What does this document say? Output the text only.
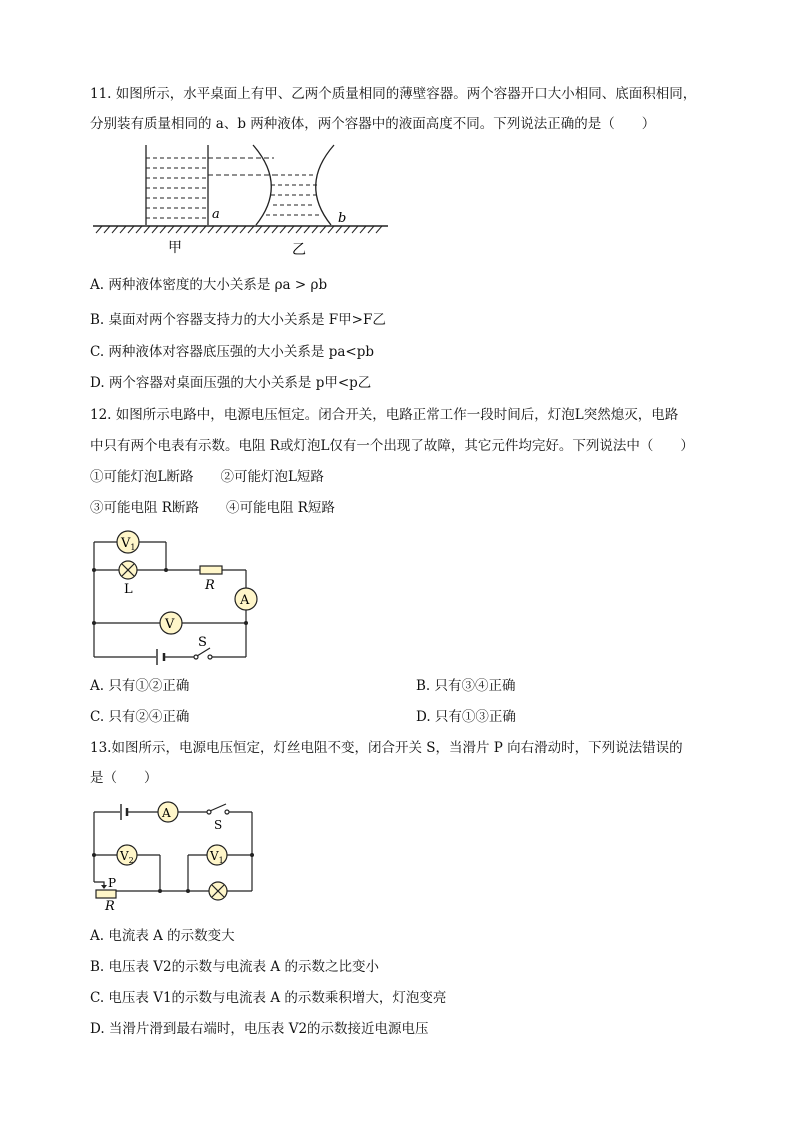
11. 如图所示，水平桌面上有甲、乙两个质量相同的薄壁容器。两个容器开口大小相同、底面积相同，
分别装有质量相同的 a、b 两种液体，两个容器中的液面高度不同。下列说法正确的是（　　）
a	b
甲	乙
A. 两种液体密度的大小关系是 ρa > ρb
B. 桌面对两个容器支持力的大小关系是 F甲>F乙
C. 两种液体对容器底压强的大小关系是 pa<pb
D. 两个容器对桌面压强的大小关系是 p甲<p乙
12. 如图所示电路中，电源电压恒定。闭合开关，电路正常工作一段时间后，灯泡L突然熄灭，电路
中只有两个电表有示数。电阻 R或灯泡L仅有一个出现了故障，其它元件均完好。下列说法中（　　）
①可能灯泡L断路　　②可能灯泡L短路
③可能电阻 R断路　　④可能电阻 R短路
S
$V_1$
L	R
A
V
A. 只有①②正确	B. 只有③④正确
C. 只有②④正确	D. 只有①③正确
13.如图所示，电源电压恒定，灯丝电阻不变，闭合开关 S，当滑片 P 向右滑动时，下列说法错误的
是（　　）
P
R
A
S
$V_2$	$V_1$
A. 电流表 A 的示数变大
B. 电压表 V2的示数与电流表 A 的示数之比变小
C. 电压表 V1的示数与电流表 A 的示数乘积增大，灯泡变亮
D. 当滑片滑到最右端时，电压表 V2的示数接近电源电压
